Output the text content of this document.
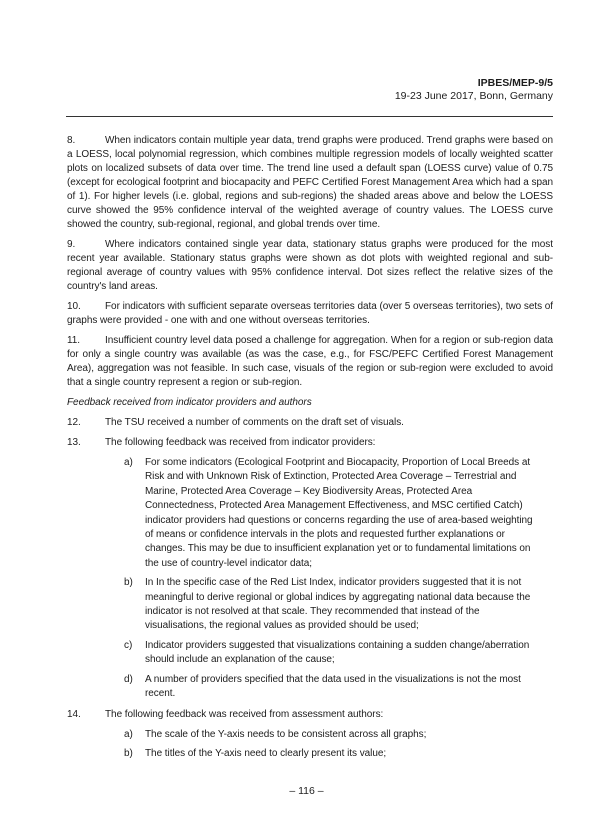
IPBES/MEP-9/5
19-23 June 2017, Bonn, Germany

8.	When indicators contain multiple year data, trend graphs were produced. Trend graphs were based on a LOESS, local polynomial regression, which combines multiple regression models of locally weighted scatter plots on localized subsets of data over time. The trend line used a default span (LOESS curve) value of 0.75 (except for ecological footprint and biocapacity and PEFC Certified Forest Management Area which had a span of 1). For higher levels (i.e. global, regions and sub-regions) the shaded areas above and below the LOESS curve showed the 95% confidence interval of the weighted average of country values. The LOESS curve showed the country, sub-regional, regional, and global trends over time.

9.	Where indicators contained single year data, stationary status graphs were produced for the most recent year available. Stationary status graphs were shown as dot plots with weighted regional and sub-regional average of country values with 95% confidence interval. Dot sizes reflect the relative sizes of the country's land areas.

10. For indicators with sufficient separate overseas territories data (over 5 overseas territories), two sets of graphs were provided - one with and one without overseas territories.

11. Insufficient country level data posed a challenge for aggregation. When for a region or sub-region data for only a single country was available (as was the case, e.g., for FSC/PEFC Certified Forest Management Area), aggregation was not feasible. In such case, visuals of the region or sub-region were excluded to avoid that a single country represent a region or sub-region.

Feedback received from indicator providers and authors

12. The TSU received a number of comments on the draft set of visuals.

13. The following feedback was received from indicator providers:

a)	For some indicators (Ecological Footprint and Biocapacity, Proportion of Local Breeds at Risk and with Unknown Risk of Extinction, Protected Area Coverage – Terrestrial and Marine, Protected Area Coverage – Key Biodiversity Areas, Protected Area Connectedness, Protected Area Management Effectiveness, and MSC certified Catch) indicator providers had questions or concerns regarding the use of area-based weighting of means or confidence intervals in the plots and requested further explanations or changes. This may be due to insufficient explanation yet or to fundamental limitations on the use of country-level indicator data;
b)	In In the specific case of the Red List Index, indicator providers suggested that it is not meaningful to derive regional or global indices by aggregating national data because the indicator is not resolved at that scale. They recommended that instead of the visualisations, the regional values as provided should be used;
c)	Indicator providers suggested that visualizations containing a sudden change/aberration should include an explanation of the cause;
d)	A number of providers specified that the data used in the visualizations is not the most recent.

14. The following feedback was received from assessment authors:

a)	The scale of the Y-axis needs to be consistent across all graphs;
b)	The titles of the Y-axis need to clearly present its value;
– 116 –
